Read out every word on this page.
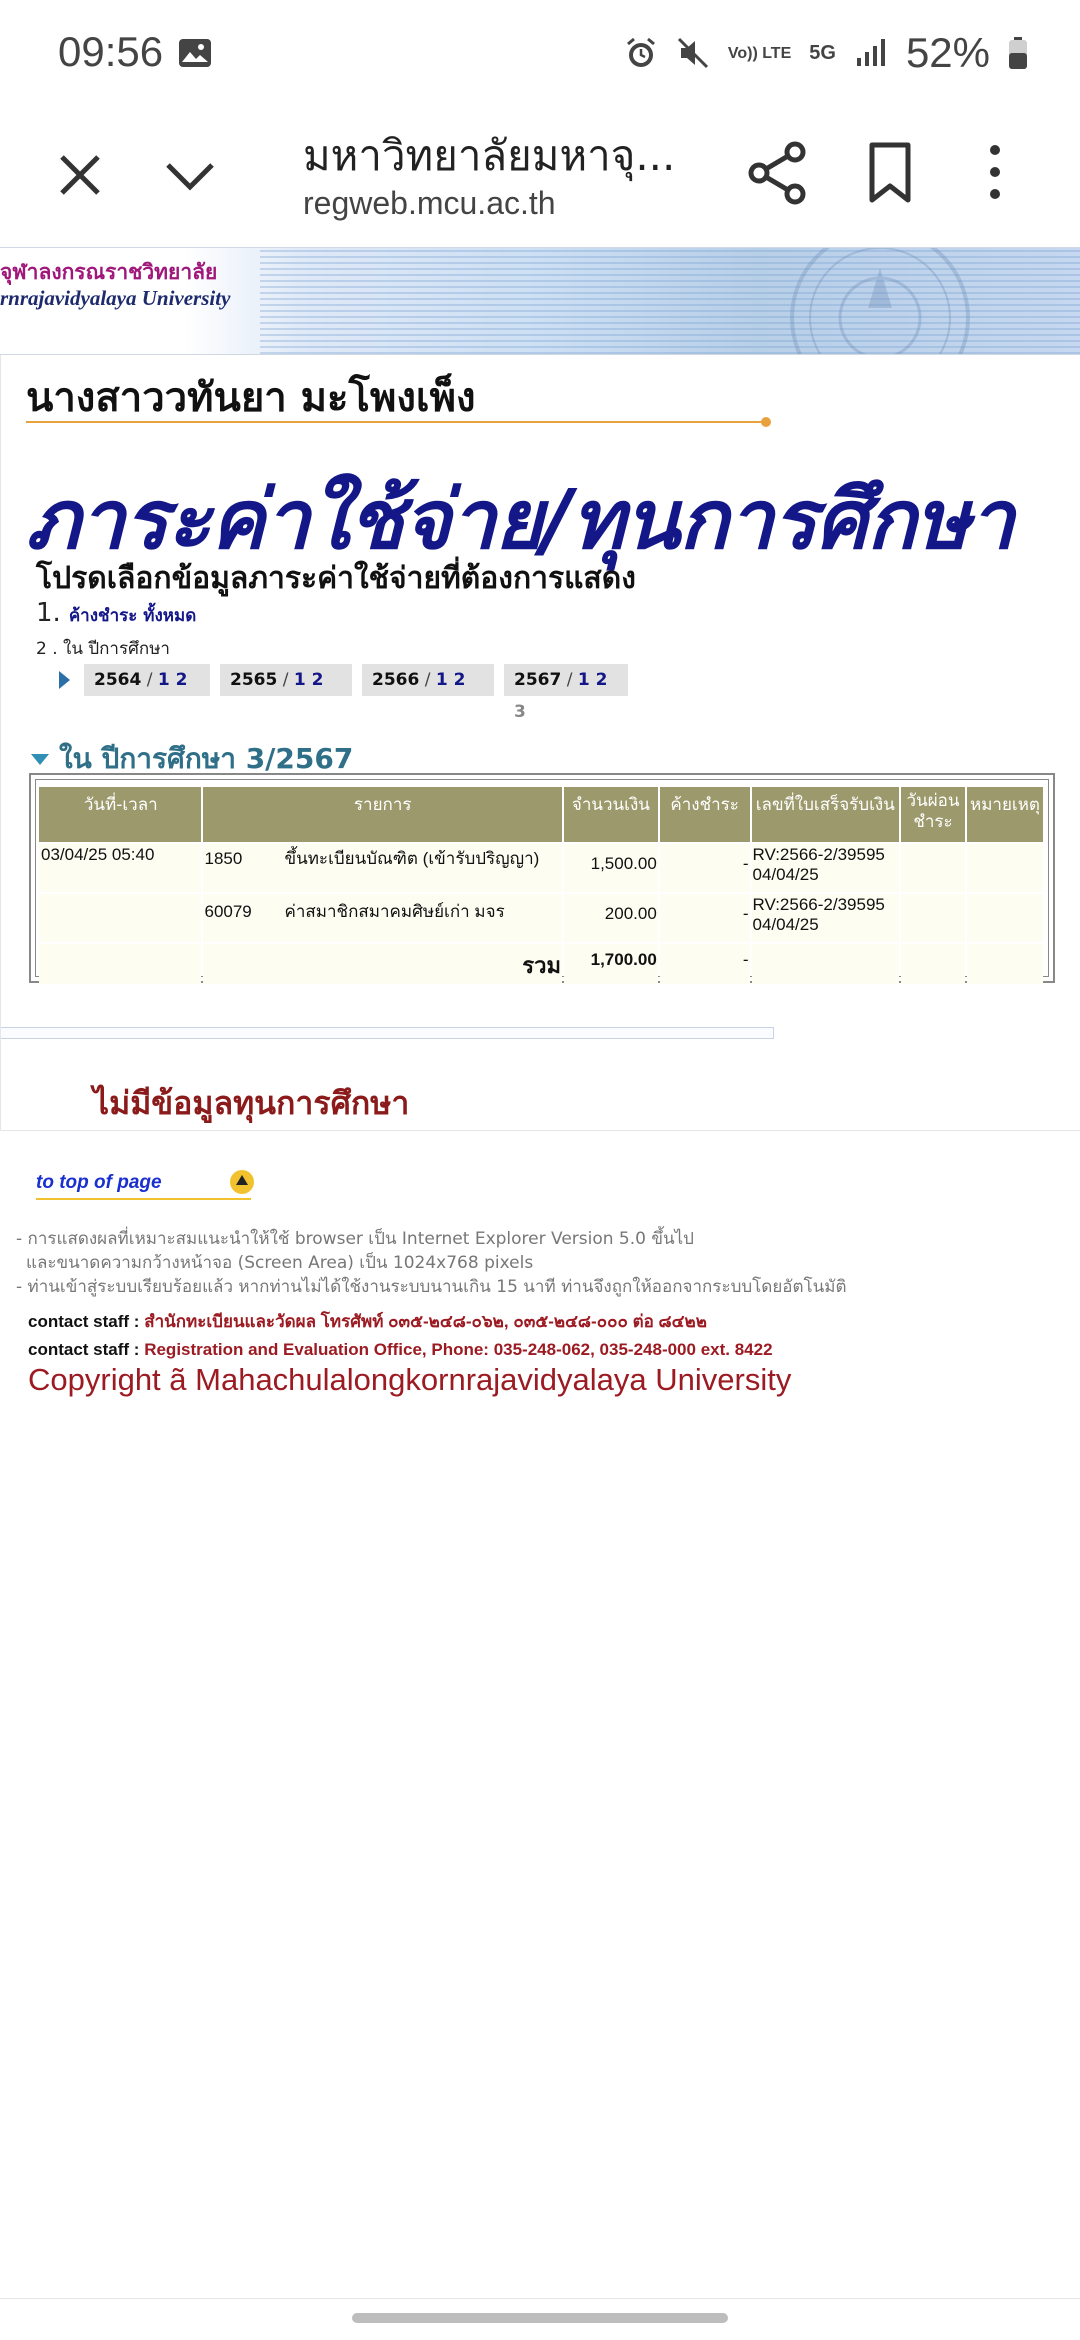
09:56	Vo)) LTE 5G 52%
มหาวิทยาลัยมหาจุ...
regweb.mcu.ac.th
จุฬาลงกรณราชวิทยาลัย
rnrajavidyalaya University
นางสาววทันยา มะโพงเพ็ง
ภาระค่าใช้จ่าย/ทุนการศึกษา
โปรดเลือกข้อมูลภาระค่าใช้จ่ายที่ต้องการแสดง
1. ค้างชำระ ทั้งหมด
2 . ใน ปีการศึกษา
2564 / 1 2	2565 / 1 2	2566 / 1 2	2567 / 1 2 3
ใน ปีการศึกษา 3/2567
วันที่-เวลา	รายการ	จำนวนเงิน	ค้างชำระ	เลขที่ใบเสร็จรับเงิน	วันผ่อน ชำระ	หมายเหตุ
03/04/25 05:40	1850 ขึ้นทะเบียนบัณฑิต (เข้ารับปริญญา)	1,500.00	-	RV:2566-2/39595
04/04/25		

	60079 ค่าสมาชิกสมาคมศิษย์เก่า มจร	200.00	-	RV:2566-2/39595
04/04/25		

	รวม	1,700.00	-			
ไม่มีข้อมูลทุนการศึกษา
to top of page
- การแสดงผลที่เหมาะสมแนะนำให้ใช้ browser เป็น Internet Explorer Version 5.0 ขึ้นไป
และขนาดความกว้างหน้าจอ (Screen Area) เป็น 1024x768 pixels
- ท่านเข้าสู่ระบบเรียบร้อยแล้ว หากท่านไม่ได้ใช้งานระบบนานเกิน 15 นาที ท่านจึงถูกให้ออกจากระบบโดยอัตโนมัติ
contact staff : สำนักทะเบียนและวัดผล โทรศัพท์ ๐๓๕-๒๔๘-๐๖๒, ๐๓๕-๒๔๘-๐๐๐ ต่อ ๘๔๒๒
contact staff : Registration and Evaluation Office, Phone: 035-248-062, 035-248-000 ext. 8422
Copyright ã Mahachulalongkornrajavidyalaya University
